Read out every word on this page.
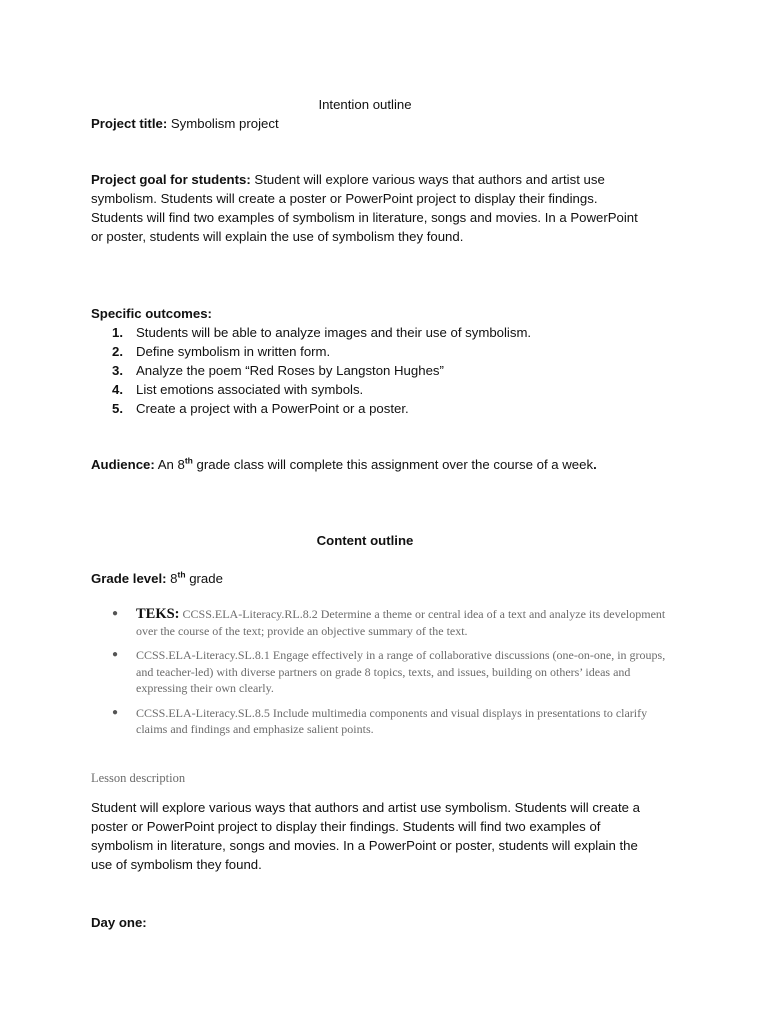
Intention outline
Project title: Symbolism project
Project goal for students: Student will explore various ways that authors and artist use
symbolism. Students will create a poster or PowerPoint project to display their findings.
Students will find two examples of symbolism in literature, songs and movies. In a PowerPoint
or poster, students will explain the use of symbolism they found.
Specific outcomes:
1. Students will be able to analyze images and their use of symbolism.
2. Define symbolism in written form.
3. Analyze the poem “Red Roses by Langston Hughes”
4. List emotions associated with symbols.
5. Create a project with a PowerPoint or a poster.
Audience: An 8th grade class will complete this assignment over the course of a week.
Content outline
Grade level: 8th grade
● TEKS: CCSS.ELA-Literacy.RL.8.2 Determine a theme or central idea of a text and analyze its development over the course of the text; provide an objective summary of the text.
● CCSS.ELA-Literacy.SL.8.1 Engage effectively in a range of collaborative discussions (one-on-one, in groups, and teacher-led) with diverse partners on grade 8 topics, texts, and issues, building on others’ ideas and expressing their own clearly.
● CCSS.ELA-Literacy.SL.8.5 Include multimedia components and visual displays in presentations to clarify claims and findings and emphasize salient points.
Lesson description
Student will explore various ways that authors and artist use symbolism. Students will create a
poster or PowerPoint project to display their findings. Students will find two examples of
symbolism in literature, songs and movies. In a PowerPoint or poster, students will explain the
use of symbolism they found.
Day one:
